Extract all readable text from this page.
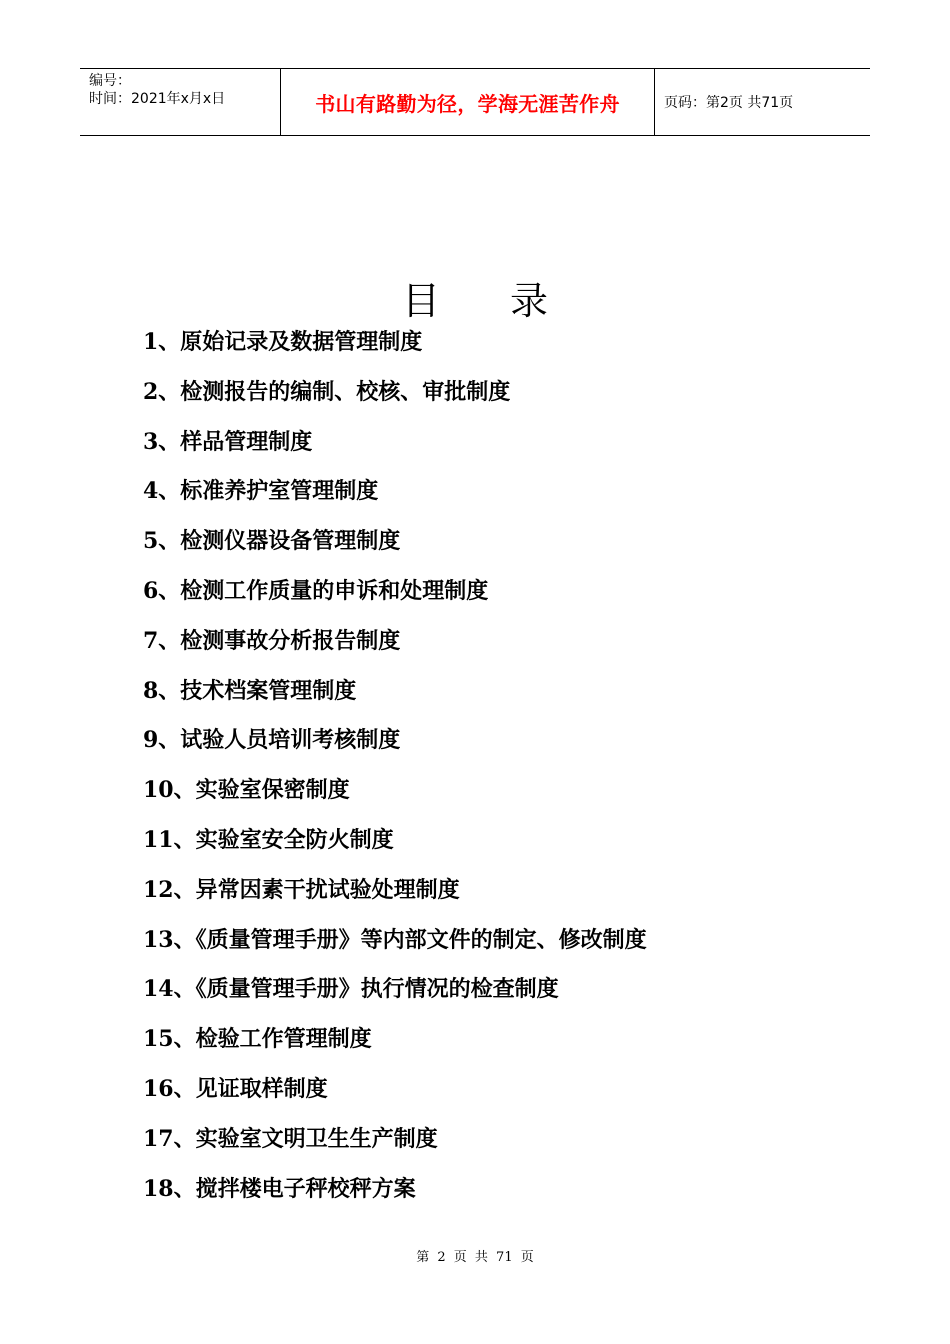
编号：
时间：2021年x月x日	书山有路勤为径，学海无涯苦作舟	页码：第2页 共71页
目录
1、原始记录及数据管理制度
2、检测报告的编制、校核、审批制度
3、样品管理制度
4、标准养护室管理制度
5、检测仪器设备管理制度
6、检测工作质量的申诉和处理制度
7、检测事故分析报告制度
8、技术档案管理制度
9、试验人员培训考核制度
10、实验室保密制度
11、实验室安全防火制度
12、异常因素干扰试验处理制度
13、《质量管理手册》等内部文件的制定、修改制度
14、《质量管理手册》执行情况的检查制度
15、检验工作管理制度
16、见证取样制度
17、实验室文明卫生生产制度
18、搅拌楼电子秤校秤方案
第 2 页 共 71 页
